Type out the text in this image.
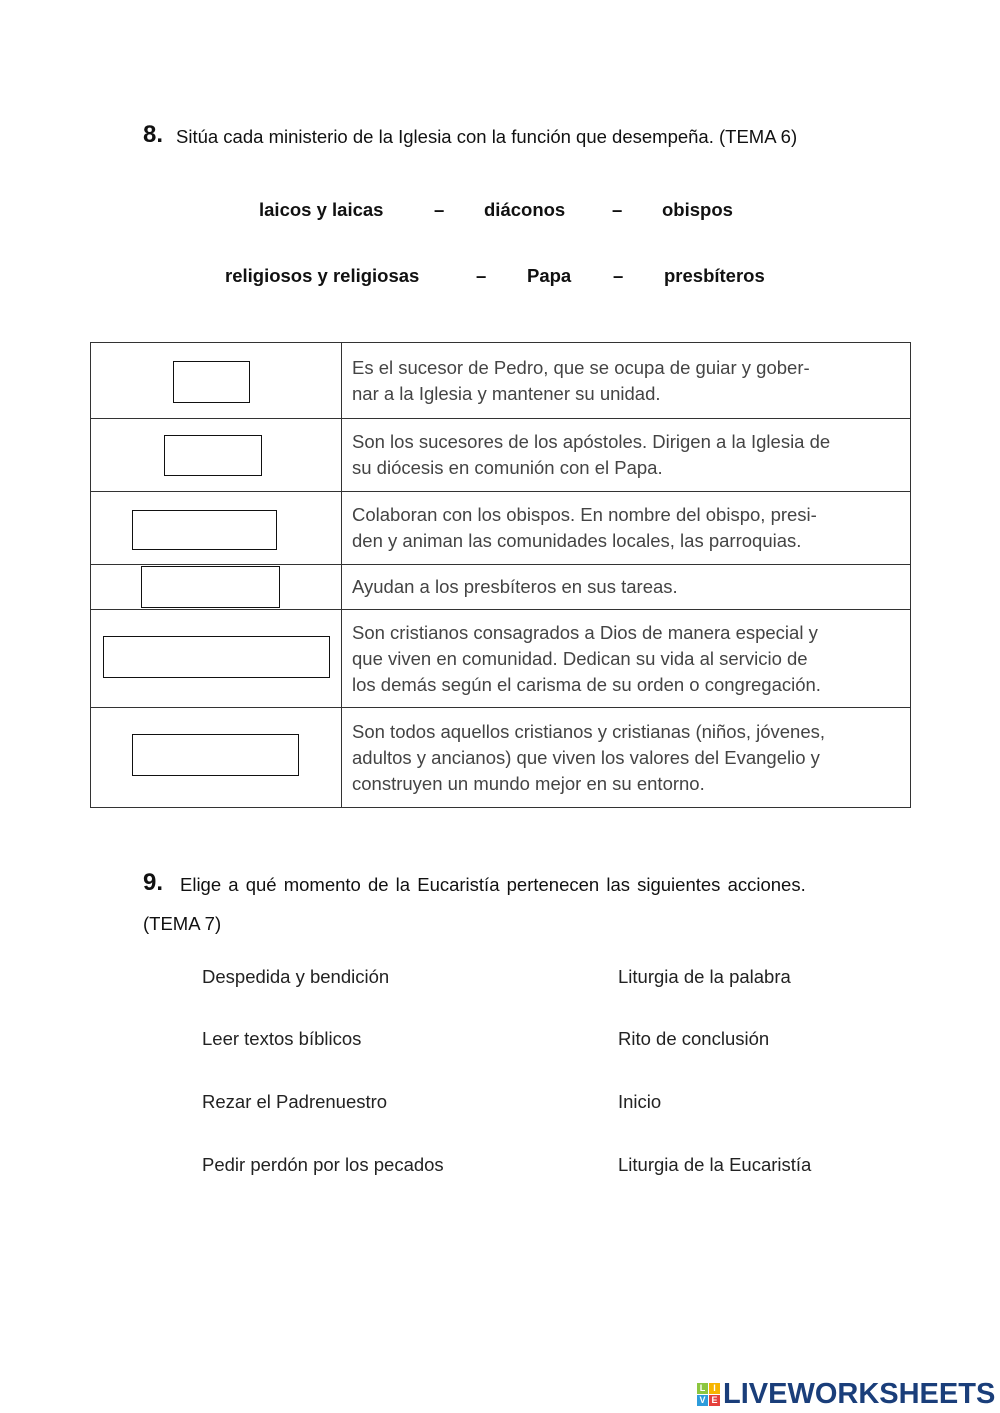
8. Sitúa cada ministerio de la Iglesia con la función que desempeña. (TEMA 6)
laicos y laicas	– diáconos	– obispos
religiosos y religiosas	– Papa – presbíteros

	Es el sucesor de Pedro, que se ocupa de guiar y gober-
nar a la Iglesia y mantener su unidad.

	Son los sucesores de los apóstoles. Dirigen a la Iglesia de
su diócesis en comunión con el Papa.

	Colaboran con los obispos. En nombre del obispo, presi-
den y animan las comunidades locales, las parroquias.

	Ayudan a los presbíteros en sus tareas.

	Son cristianos consagrados a Dios de manera especial y
que viven en comunidad. Dedican su vida al servicio de
los demás según el carisma de su orden o congregación.

	Son todos aquellos cristianos y cristianas (niños, jóvenes,
adultos y ancianos) que viven los valores del Evangelio y
construyen un mundo mejor en su entorno.
9. Elige a qué momento de la Eucaristía pertenecen las siguientes acciones.
(TEMA 7)
Despedida y bendición
Leer textos bíblicos
Rezar el Padrenuestro
Pedir perdón por los pecados
Liturgia de la palabra
Rito de conclusión
Inicio
Liturgia de la Eucaristía
L I
V E LIVEWORKSHEETS
